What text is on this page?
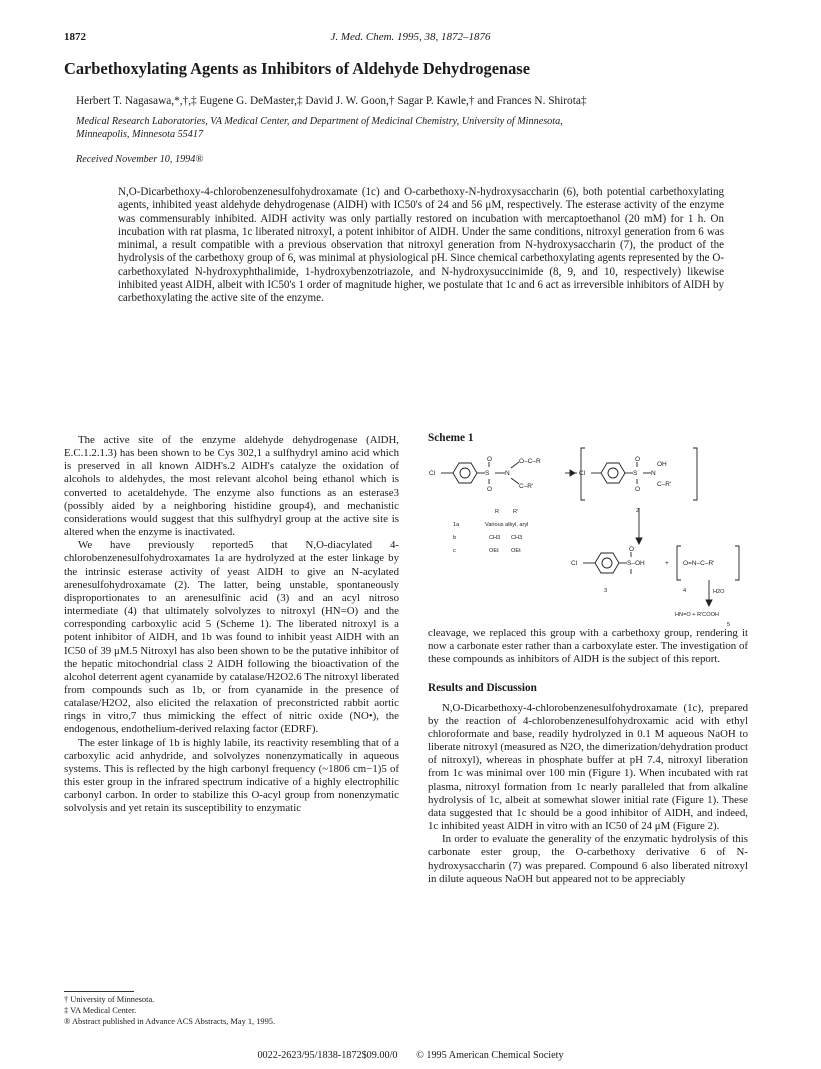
1872	J. Med. Chem. 1995, 38, 1872–1876
Carbethoxylating Agents as Inhibitors of Aldehyde Dehydrogenase
Herbert T. Nagasawa,*,†,‡ Eugene G. DeMaster,‡ David J. W. Goon,† Sagar P. Kawle,† and Frances N. Shirota‡
Medical Research Laboratories, VA Medical Center, and Department of Medicinal Chemistry, University of Minnesota,
Minneapolis, Minnesota 55417
Received November 10, 1994®
N,O-Dicarbethoxy-4-chlorobenzenesulfohydroxamate (1c) and O-carbethoxy-N-hydroxysaccharin (6), both potential carbethoxylating agents, inhibited yeast aldehyde dehydrogenase (AlDH) with IC50's of 24 and 56 μM, respectively. The esterase activity of the enzyme was commensurably inhibited. AlDH activity was only partially restored on incubation with mercaptoethanol (20 mM) for 1 h. On incubation with rat plasma, 1c liberated nitroxyl, a potent inhibitor of AlDH. Under the same conditions, nitroxyl generation from 6 was minimal, a result compatible with a previous observation that nitroxyl generation from N-hydroxysaccharin (7), the product of the hydrolysis of the carbethoxy group of 6, was minimal at physiological pH. Since chemical carbethoxylating agents represented by the O-carbethoxylated N-hydroxyphthalimide, 1-hydroxybenzotriazole, and N-hydroxysuccinimide (8, 9, and 10, respectively) likewise inhibited yeast AlDH, albeit with IC50's 1 order of magnitude higher, we postulate that 1c and 6 act as irreversible inhibitors of AlDH by carbethoxylating the active site of the enzyme.

The active site of the enzyme aldehyde dehydrogenase (AlDH, E.C.1.2.1.3) has been shown to be Cys 302,1 a sulfhydryl amino acid which is preserved in all known AlDH's.2 AlDH's catalyze the oxidation of alcohols to aldehydes, the most relevant alcohol being ethanol which is converted to acetaldehyde. The enzyme also functions as an esterase3 (possibly aided by a neighboring histidine group4), and mechanistic considerations would suggest that this sulfhydryl group at the active site is altered when the enzyme is inactivated.

We have previously reported5 that N,O-diacylated 4-chlorobenzenesulfohydroxamates 1a are hydrolyzed at the ester linkage by the intrinsic esterase activity of yeast AlDH to give an N-acylated arenesulfohydroxamate (2). The latter, being unstable, spontaneously disproportionates to an arenesulfinic acid (3) and an acyl nitroso intermediate (4) that ultimately solvolyzes to nitroxyl (HN=O) and the corresponding carboxylic acid 5 (Scheme 1). The liberated nitroxyl is a potent inhibitor of AlDH, and 1b was found to inhibit yeast AlDH with an IC50 of 39 μM.5 Nitroxyl has also been shown to be the putative inhibitor of the hepatic mitochondrial class 2 AlDH following the bioactivation of the alcohol deterrent agent cyanamide by catalase/H2O2.6 The nitroxyl liberated from compounds such as 1b, or from cyanamide in the presence of catalase/H2O2, also elicited the relaxation of preconstricted rabbit aortic rings in vitro,7 thus mimicking the effect of nitric oxide (NO•), the endogenous, endothelium-derived relaxing factor (EDRF).

The ester linkage of 1b is highly labile, its reactivity resembling that of a carboxylic acid anhydride, and solvolyzes nonenzymatically in aqueous systems. This is reflected by the high carbonyl frequency (~1806 cm−1)5 of this ester group in the infrared spectrum indicative of a highly electrophilic carbonyl carbon. In order to stabilize this O-acyl group from nonenzymatic solvolysis and yet retain its susceptibility to enzymatic

Scheme 1
Cl	S
O
O
N
O–C–R
C–R'
Cl	S
O
O
N
OH
C–R'
Cl	S–OH
O
+ O=N–C–R'
R R'
1a	Various alkyl, aryl
b	CH3 CH3
c	OEt OEt
2
3	4	H2O
HN=O + R'COOH
5

cleavage, we replaced this group with a carbethoxy group, rendering it now a carbonate ester rather than a carboxylate ester. The investigation of these compounds as inhibitors of AlDH is the subject of this report.

Results and Discussion

N,O-Dicarbethoxy-4-chlorobenzenesulfohydroxamate (1c), prepared by the reaction of 4-chlorobenzenesulfohydroxamic acid with ethyl chloroformate and base, readily hydrolyzed in 0.1 M aqueous NaOH to liberate nitroxyl (measured as N2O, the dimerization/dehydration product of nitroxyl), whereas in phosphate buffer at pH 7.4, nitroxyl liberation from 1c was minimal over 100 min (Figure 1). When incubated with rat plasma, nitroxyl formation from 1c nearly paralleled that from alkaline hydrolysis of 1c, albeit at somewhat slower initial rate (Figure 1). These data suggested that 1c should be a good inhibitor of AlDH, and indeed, 1c inhibited yeast AlDH in vitro with an IC50 of 24 μM (Figure 2).

In order to evaluate the generality of the enzymatic hydrolysis of this carbonate ester group, the O-carbethoxy derivative 6 of N-hydroxysaccharin (7) was prepared. Compound 6 also liberated nitroxyl in dilute aqueous NaOH but appeared not to be appreciably

† University of Minnesota.
‡ VA Medical Center.
® Abstract published in Advance ACS Abstracts, May 1, 1995.
0022-2623/95/1838-1872$09.00/0 © 1995 American Chemical Society
